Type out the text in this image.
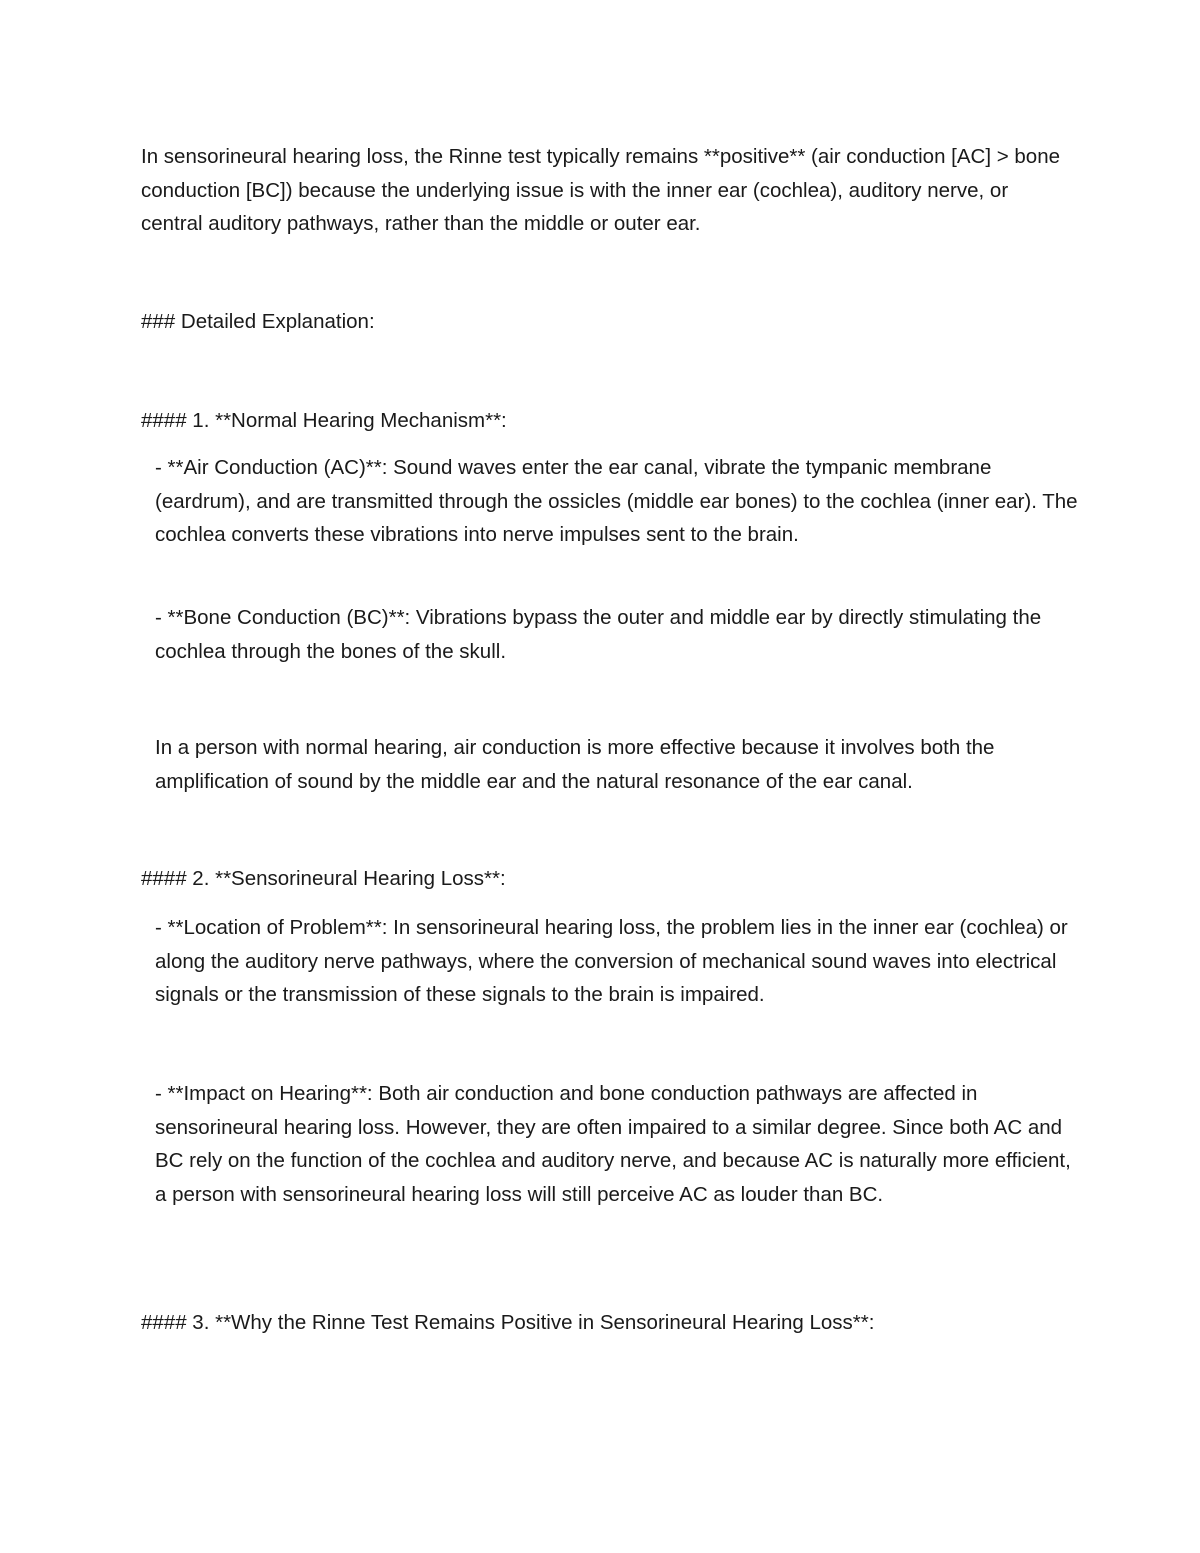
In sensorineural hearing loss, the Rinne test typically remains **positive** (air conduction [AC] > bone conduction [BC]) because the underlying issue is with the inner ear (cochlea), auditory nerve, or central auditory pathways, rather than the middle or outer ear.

### Detailed Explanation:

#### 1. **Normal Hearing Mechanism**:

- **Air Conduction (AC)**: Sound waves enter the ear canal, vibrate the tympanic membrane (eardrum), and are transmitted through the ossicles (middle ear bones) to the cochlea (inner ear). The cochlea converts these vibrations into nerve impulses sent to the brain.

- **Bone Conduction (BC)**: Vibrations bypass the outer and middle ear by directly stimulating the cochlea through the bones of the skull.

In a person with normal hearing, air conduction is more effective because it involves both the amplification of sound by the middle ear and the natural resonance of the ear canal.

#### 2. **Sensorineural Hearing Loss**:

- **Location of Problem**: In sensorineural hearing loss, the problem lies in the inner ear (cochlea) or along the auditory nerve pathways, where the conversion of mechanical sound waves into electrical signals or the transmission of these signals to the brain is impaired.

- **Impact on Hearing**: Both air conduction and bone conduction pathways are affected in sensorineural hearing loss. However, they are often impaired to a similar degree. Since both AC and BC rely on the function of the cochlea and auditory nerve, and because AC is naturally more efficient, a person with sensorineural hearing loss will still perceive AC as louder than BC.

#### 3. **Why the Rinne Test Remains Positive in Sensorineural Hearing Loss**:
